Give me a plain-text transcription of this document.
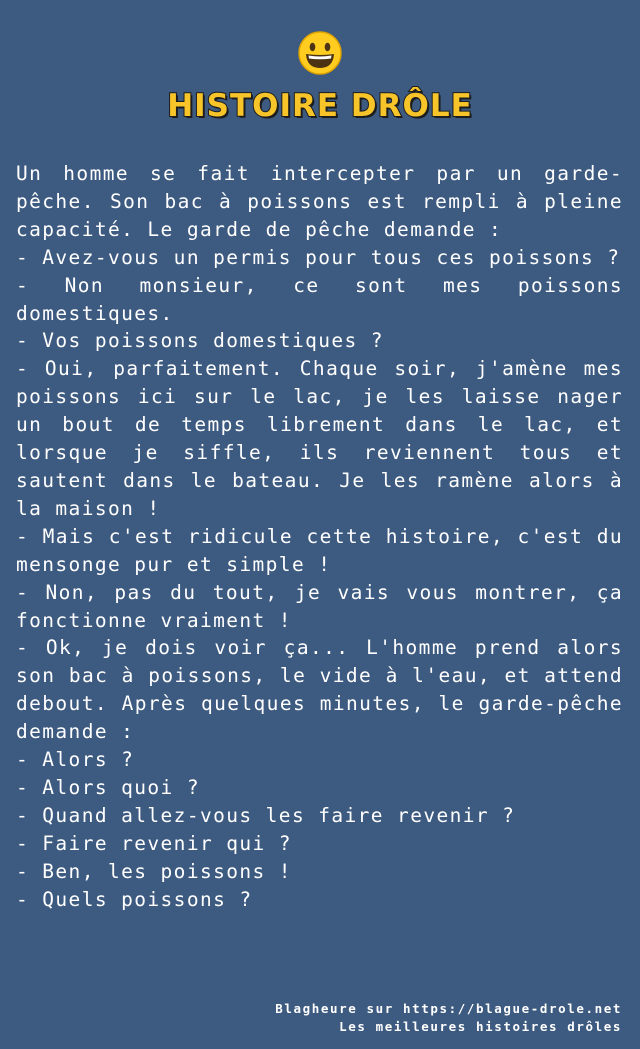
HISTOIRE DRÔLE

Un homme se fait intercepter par un garde-pêche. Son bac à poissons est rempli à pleine capacité. Le garde de pêche demande :

- Avez-vous un permis pour tous ces poissons ?

- Non monsieur, ce sont mes poissons domestiques.

- Vos poissons domestiques ?

- Oui, parfaitement. Chaque soir, j'amène mes poissons ici sur le lac, je les laisse nager un bout de temps librement dans le lac, et lorsque je siffle, ils reviennent tous et sautent dans le bateau. Je les ramène alors à la maison !

- Mais c'est ridicule cette histoire, c'est du mensonge pur et simple !

- Non, pas du tout, je vais vous montrer, ça fonctionne vraiment !

- Ok, je dois voir ça... L'homme prend alors son bac à poissons, le vide à l'eau, et attend debout. Après quelques minutes, le garde-pêche demande :

- Alors ?

- Alors quoi ?

- Quand allez-vous les faire revenir ?

- Faire revenir qui ?

- Ben, les poissons !

- Quels poissons ?

Blagheure sur https://blague-drole.net
Les meilleures histoires drôles
